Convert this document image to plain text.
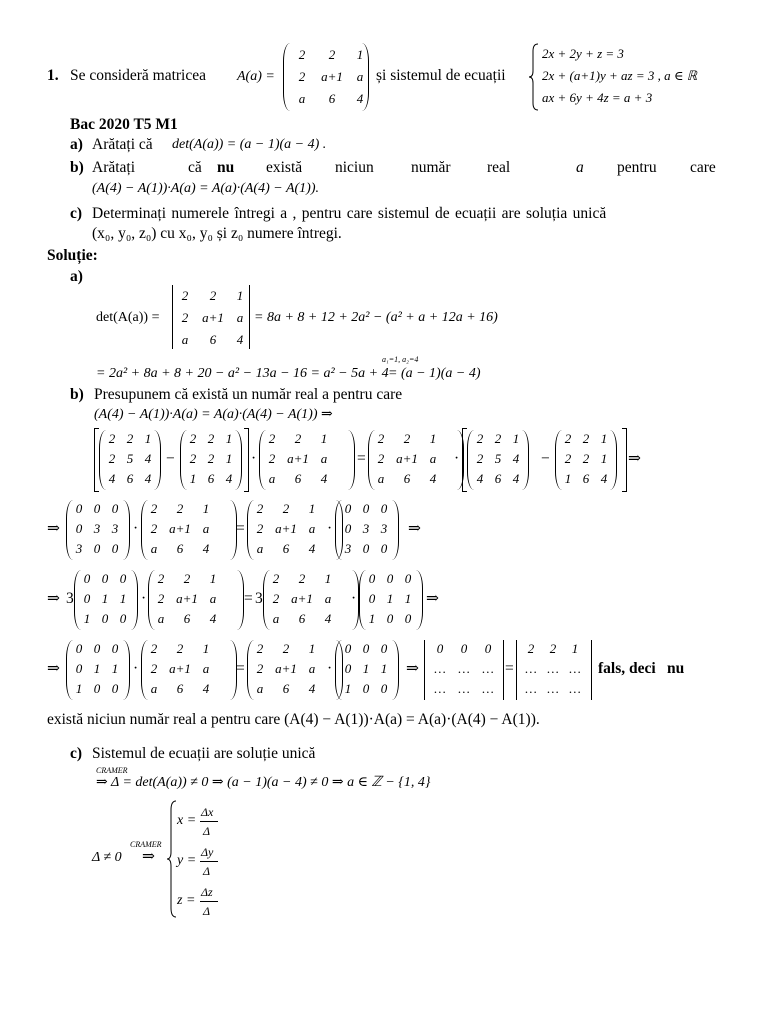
1. Se consideră matricea A(a) =
2	2	1
2	a+1	a
a	6	4
și sistemul de ecuații
2x + 2y + z = 3
2x + (a+1)y + az = 3 , a ∈ ℝ
ax + 6y + 4z = a + 3
Bac 2020 T5 M1
a) Arătați că det(A(a)) = (a − 1)(a − 4) .
b) Arătați	că nu există niciun număr real	a pentru care
(A(4) − A(1))·A(a) = A(a)·(A(4) − A(1)).
c) Determinați numerele întregi a , pentru care sistemul de ecuații are soluția unică
(x₀, y₀, z₀) cu x₀, y₀ și z₀ numere întregi.
Soluție:
a)
det(A(a)) =
2	2	1
2	a+1 a
a	6	4
= 8a + 8 + 12 + 2a² − (a² + a + 12a + 16)
= 2a² + 8a + 8 + 20 − a² − 13a − 16 = a² − 5a + 4
a₁=1, a₂=4
= (a − 1)(a − 4)
b) Presupunem că există un număr real a pentru care
(A(4) − A(1))·A(a) = A(a)·(A(4) − A(1)) ⇒
2 2 1
2 5 4
4 6 4
−
2 2 1
2 2 1
1 6 4
·
2	2	1
2 a+1 a
a	6	4
=
2	2	1
2 a+1 a
a	6	4
·
2 2 1
2 5 4
4 6 4
−
2 2 1
2 2 1
1 6 4
⇒
⇒
0 0 0
0 3 3
3 0 0
·
2	2	1
2 a+1 a
a	6	4
=
2	2	1
2 a+1 a
a	6	4
·
0 0 0
0 3 3
3 0 0
⇒
⇒ 3
0 0 0
0 1 1
1 0 0
·
2	2	1
2 a+1 a
a	6	4
= 3
2	2	1
2 a+1 a
a	6	4
·
0 0 0
0 1 1
1 0 0
⇒
⇒
0 0 0
0 1 1
1 0 0
·
2	2	1
2 a+1 a
a	6	4
=
2	2	1
2 a+1 a
a	6	4
·
0 0 0
0 1 1
1 0 0
⇒
0	0	0
… … …
… … …
=
2	2	1
… … …
… … …
fals, deci nu
există niciun număr real a pentru care (A(4) − A(1))·A(a) = A(a)·(A(4) − A(1)).
c) Sistemul de ecuații are soluție unică
CRAMER
⇒ Δ = det(A(a)) ≠ 0 ⇒ (a − 1)(a − 4) ≠ 0 ⇒ a ∈ ℤ − {1, 4}
Δ ≠ 0
CRAMER
⇒
x =
Δx
Δ
y =
Δy
Δ
z =
Δz
Δ
